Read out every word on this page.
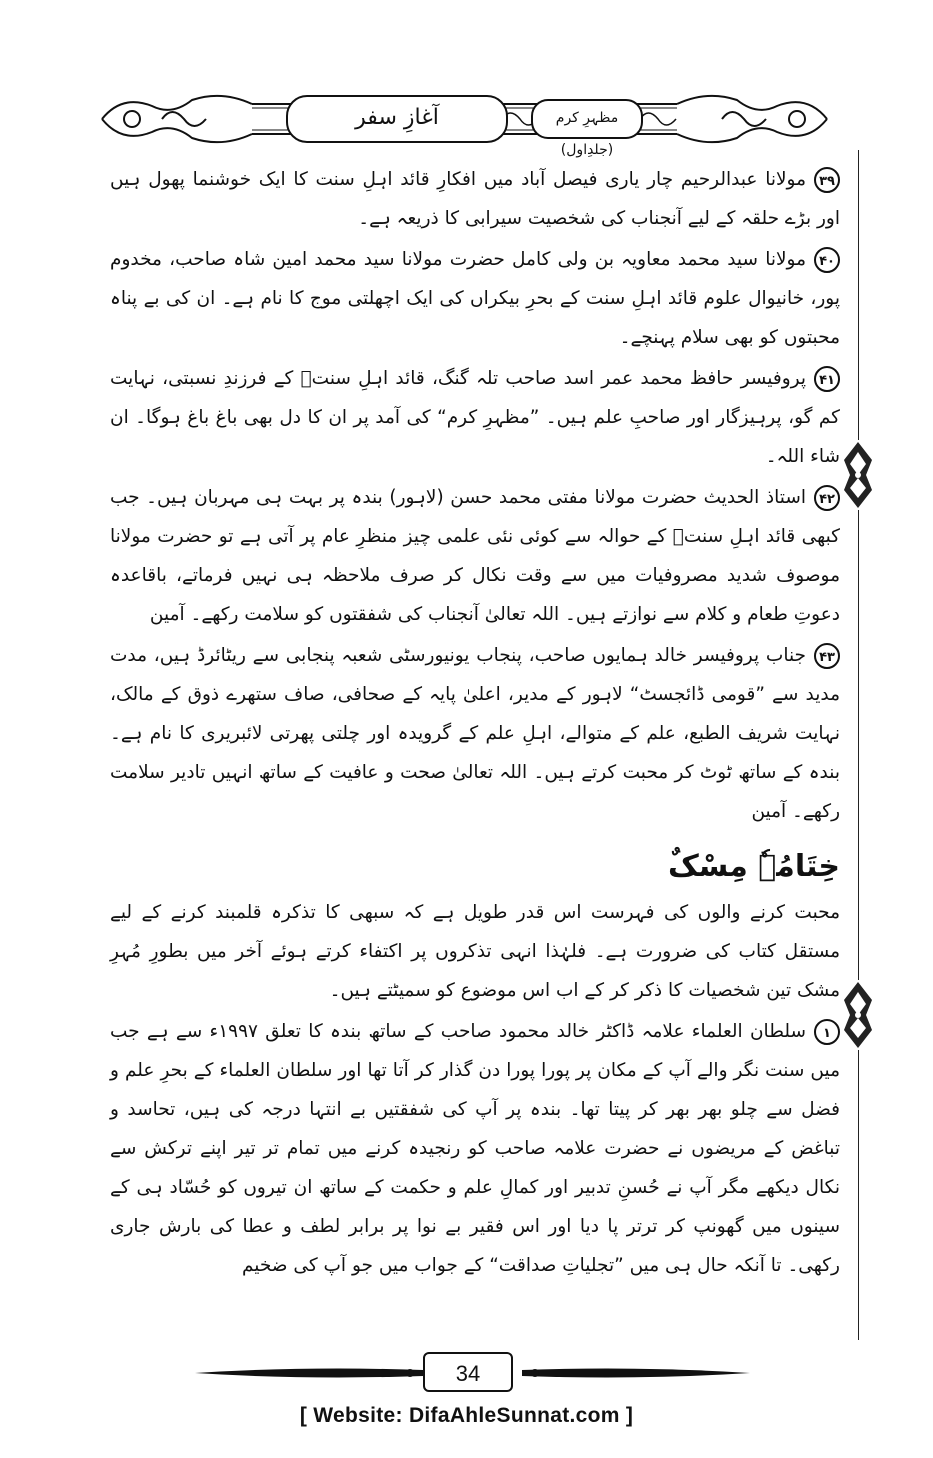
آغازِ سفر	مظہرِ کرم (جلدِاول)

۳۹مولانا عبدالرحیم چار یاری فیصل آباد میں افکارِ قائد اہلِ سنت کا ایک خوشنما پھول ہیں اور بڑے حلقہ کے لیے آنجناب کی شخصیت سیرابی کا ذریعہ ہے۔

۴۰مولانا سید محمد معاویہ بن ولی کامل حضرت مولانا سید محمد امین شاہ صاحب، مخدوم پور، خانیوال علوم قائد اہلِ سنت کے بحرِ بیکراں کی ایک اچھلتی موج کا نام ہے۔ ان کی بے پناہ محبتوں کو بھی سلام پہنچے۔

۴۱پروفیسر حافظ محمد عمر اسد صاحب تلہ گنگ، قائد اہلِ سنتؒ کے فرزندِ نسبتی، نہایت کم گو، پرہیزگار اور صاحبِ علم ہیں۔ ”مظہرِ کرم“ کی آمد پر ان کا دل بھی باغ باغ ہوگا۔ ان شاء اللہ۔

۴۲استاذ الحدیث حضرت مولانا مفتی محمد حسن (لاہور) بندہ پر بہت ہی مہربان ہیں۔ جب کبھی قائد اہلِ سنتؒ کے حوالہ سے کوئی نئی علمی چیز منظرِ عام پر آتی ہے تو حضرت مولانا موصوف شدید مصروفیات میں سے وقت نکال کر صرف ملاحظہ ہی نہیں فرماتے، باقاعدہ دعوتِ طعام و کلام سے نوازتے ہیں۔ اللہ تعالیٰ آنجناب کی شفقتوں کو سلامت رکھے۔ آمین

۴۳جناب پروفیسر خالد ہمایوں صاحب، پنجاب یونیورسٹی شعبہ پنجابی سے ریٹائرڈ ہیں، مدت مدید سے ”قومی ڈائجسٹ“ لاہور کے مدیر، اعلیٰ پایہ کے صحافی، صاف ستھرے ذوق کے مالک، نہایت شریف الطبع، علم کے متوالے، اہلِ علم کے گرویدہ اور چلتی پھرتی لائبریری کا نام ہے۔ بندہ کے ساتھ ٹوٹ کر محبت کرتے ہیں۔ اللہ تعالیٰ صحت و عافیت کے ساتھ انہیں تادیر سلامت رکھے۔ آمین

خِتَامُہٗ مِسْکٌ

محبت کرنے والوں کی فہرست اس قدر طویل ہے کہ سبھی کا تذکرہ قلمبند کرنے کے لیے مستقل کتاب کی ضرورت ہے۔ فلہٰذا انہی تذکروں پر اکتفاء کرتے ہوئے آخر میں بطورِ مُہرِ مشک تین شخصیات کا ذکر کر کے اب اس موضوع کو سمیٹتے ہیں۔

۱سلطان العلماء علامہ ڈاکٹر خالد محمود صاحب کے ساتھ بندہ کا تعلق ۱۹۹۷ء سے ہے جب میں سنت نگر والے آپ کے مکان پر پورا پورا دن گذار کر آتا تھا اور سلطان العلماء کے بحرِ علم و فضل سے چلو بھر بھر کر پیتا تھا۔ بندہ پر آپ کی شفقتیں بے انتہا درجہ کی ہیں، تحاسد و تباغض کے مریضوں نے حضرت علامہ صاحب کو رنجیدہ کرنے میں تمام تر تیر اپنے ترکش سے نکال دیکھے مگر آپ نے حُسنِ تدبیر اور کمالِ علم و حکمت کے ساتھ ان تیروں کو حُسّاد ہی کے سینوں میں گھونپ کر ترتر پا دیا اور اس فقیر بے نوا پر برابر لطف و عطا کی بارش جاری رکھی۔ تا آنکہ حال ہی میں ”تجلیاتِ صداقت“ کے جواب میں جو آپ کی ضخیم

34
[ Website: DifaAhleSunnat.com ]
